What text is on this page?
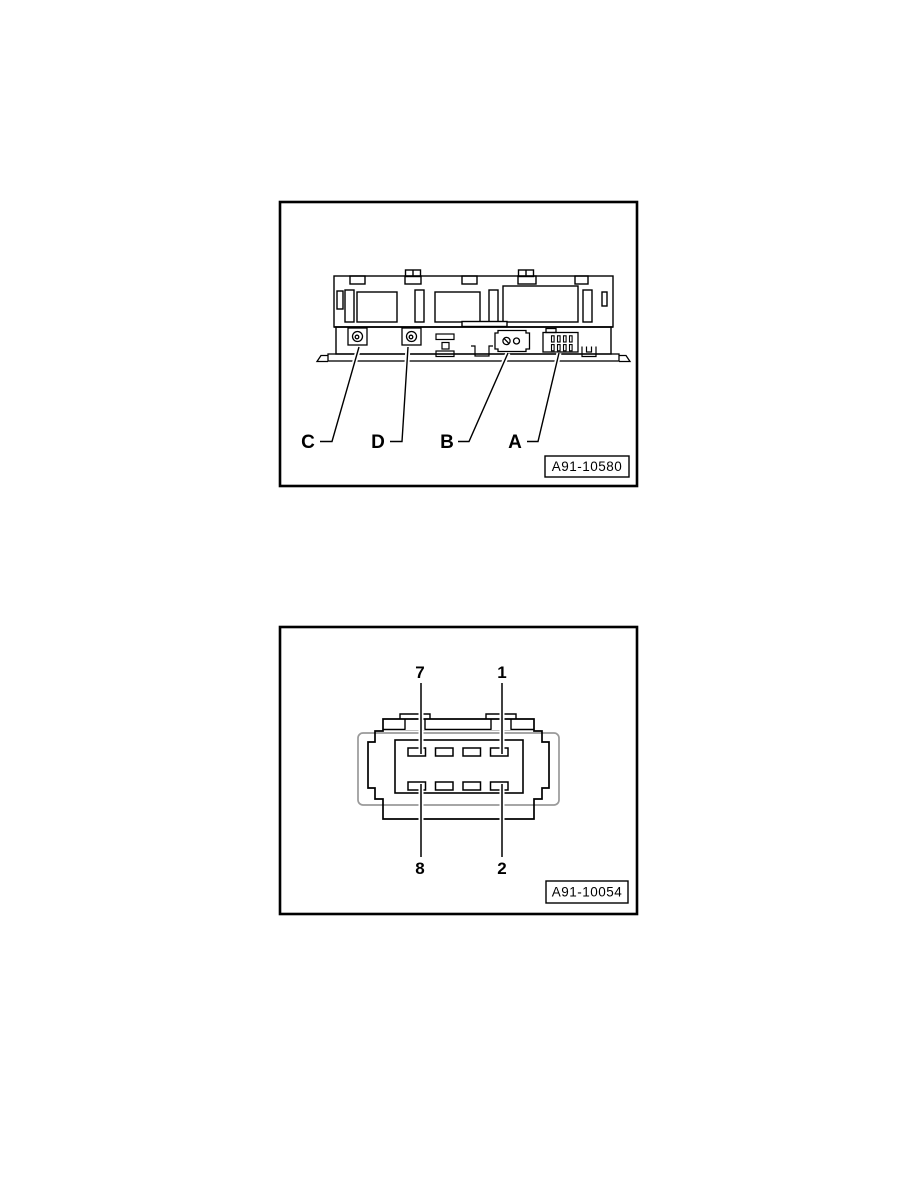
C	D	B	A
A91-10580
7	1
8	2
A91-10054
